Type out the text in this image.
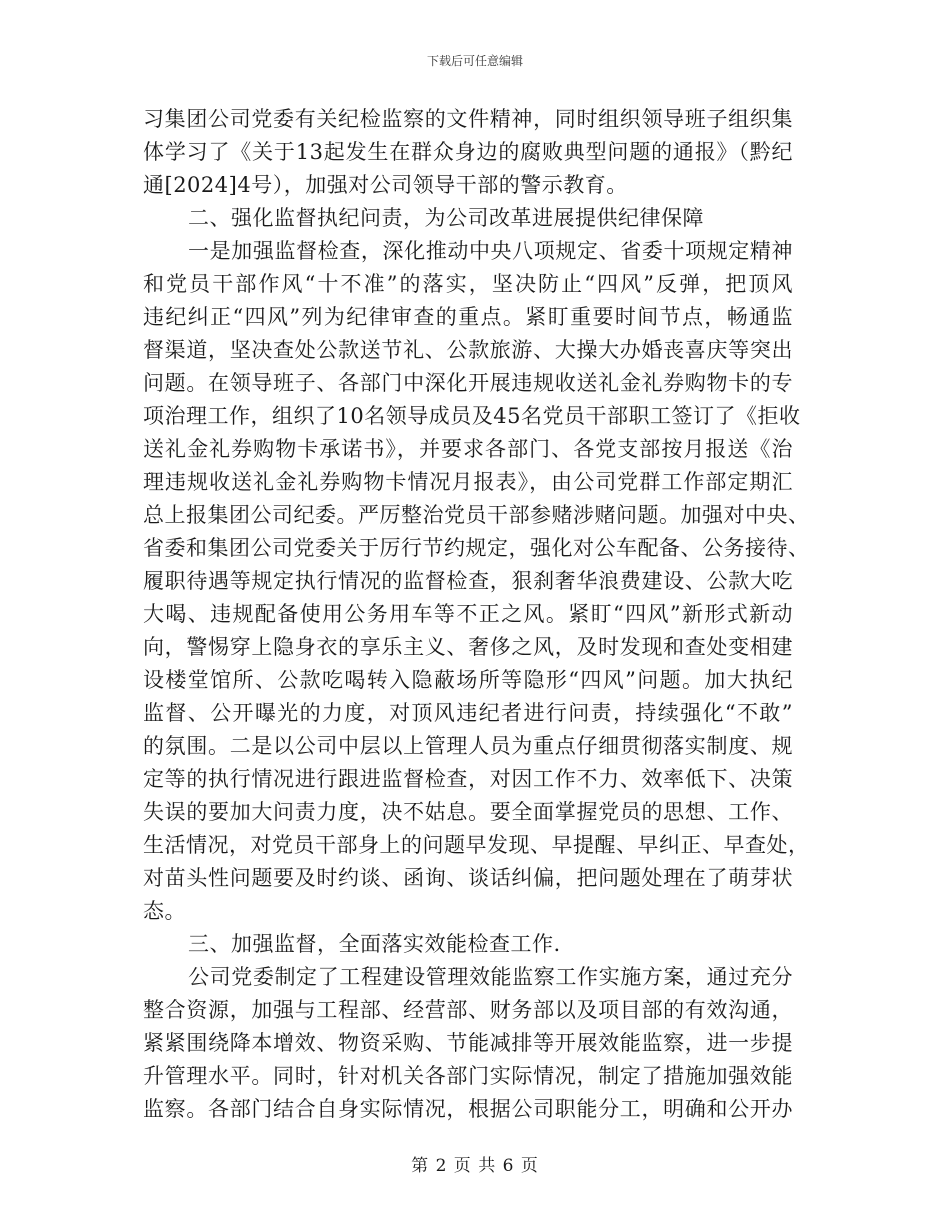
下载后可任意编辑
习集团公司党委有关纪检监察的文件精神，同时组织领导班子组织集
体学习了《关于13起发生在群众身边的腐败典型问题的通报》（黔纪
通[2024]4号），加强对公司领导干部的警示教育。
二、强化监督执纪问责，为公司改革进展提供纪律保障
一是加强监督检查，深化推动中央八项规定、省委十项规定精神
和党员干部作风“十不准”的落实，坚决防止“四风”反弹，把顶风
违纪纠正“四风”列为纪律审查的重点。紧盯重要时间节点，畅通监
督渠道，坚决查处公款送节礼、公款旅游、大操大办婚丧喜庆等突出
问题。在领导班子、各部门中深化开展违规收送礼金礼券购物卡的专
项治理工作，组织了10名领导成员及45名党员干部职工签订了《拒收
送礼金礼券购物卡承诺书》，并要求各部门、各党支部按月报送《治
理违规收送礼金礼券购物卡情况月报表》，由公司党群工作部定期汇
总上报集团公司纪委。严厉整治党员干部参赌涉赌问题。加强对中央、
省委和集团公司党委关于厉行节约规定，强化对公车配备、公务接待、
履职待遇等规定执行情况的监督检查，狠刹奢华浪费建设、公款大吃
大喝、违规配备使用公务用车等不正之风。紧盯“四风”新形式新动
向，警惕穿上隐身衣的享乐主义、奢侈之风，及时发现和查处变相建
设楼堂馆所、公款吃喝转入隐蔽场所等隐形“四风”问题。加大执纪
监督、公开曝光的力度，对顶风违纪者进行问责，持续强化“不敢”
的氛围。二是以公司中层以上管理人员为重点仔细贯彻落实制度、规
定等的执行情况进行跟进监督检查，对因工作不力、效率低下、决策
失误的要加大问责力度，决不姑息。要全面掌握党员的思想、工作、
生活情况，对党员干部身上的问题早发现、早提醒、早纠正、早查处，
对苗头性问题要及时约谈、函询、谈话纠偏，把问题处理在了萌芽状
态。
三、加强监督，全面落实效能检查工作.
公司党委制定了工程建设管理效能监察工作实施方案，通过充分
整合资源，加强与工程部、经营部、财务部以及项目部的有效沟通，
紧紧围绕降本增效、物资采购、节能减排等开展效能监察，进一步提
升管理水平。同时，针对机关各部门实际情况，制定了措施加强效能
监察。各部门结合自身实际情况，根据公司职能分工，明确和公开办
第 2 页 共 6 页
